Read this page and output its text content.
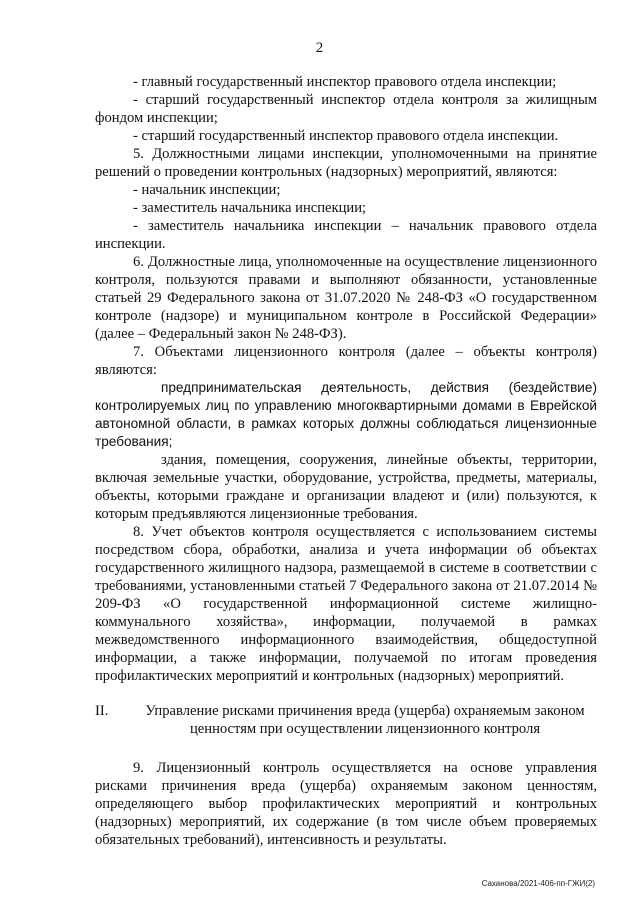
2

- главный государственный инспектор правового отдела инспекции;

- старший государственный инспектор отдела контроля за жилищным фондом инспекции;

- старший государственный инспектор правового отдела инспекции.

5. Должностными лицами инспекции, уполномоченными на принятие решений о проведении контрольных (надзорных) мероприятий, являются:

- начальник инспекции;

- заместитель начальника инспекции;

- заместитель начальника инспекции – начальник правового отдела инспекции.

6. Должностные лица, уполномоченные на осуществление лицензионного контроля, пользуются правами и выполняют обязанности, установленные статьей 29 Федерального закона от 31.07.2020 № 248-ФЗ «О государственном контроле (надзоре) и муниципальном контроле в Российской Федерации» (далее – Федеральный закон № 248-ФЗ).

7. Объектами лицензионного контроля (далее – объекты контроля) являются:

предпринимательская деятельность, действия (бездействие) контролируемых лиц по управлению многоквартирными домами в Еврейской автономной области, в рамках которых должны соблюдаться лицензионные требования;

здания, помещения, сооружения, линейные объекты, территории, включая земельные участки, оборудование, устройства, предметы, материалы, объекты, которыми граждане и организации владеют и (или) пользуются, к которым предъявляются лицензионные требования.

8. Учет объектов контроля осуществляется с использованием системы посредством сбора, обработки, анализа и учета информации об объектах государственного жилищного надзора, размещаемой в системе в соответствии с требованиями, установленными статьей 7 Федерального закона от 21.07.2014 № 209-ФЗ «О государственной информационной системе жилищно-коммунального хозяйства», информации, получаемой в рамках межведомственного информационного взаимодействия, общедоступной информации, а также информации, получаемой по итогам проведения профилактических мероприятий и контрольных (надзорных) мероприятий.

II.	Управление рисками причинения вреда (ущерба) охраняемым законом ценностям при осуществлении лицензионного контроля

9. Лицензионный контроль осуществляется на основе управления рисками причинения вреда (ущерба) охраняемым законом ценностям, определяющего выбор профилактических мероприятий и контрольных (надзорных) мероприятий, их содержание (в том числе объем проверяемых обязательных требований), интенсивность и результаты.

Саханова/2021-406-пп-ГЖИ(2)
